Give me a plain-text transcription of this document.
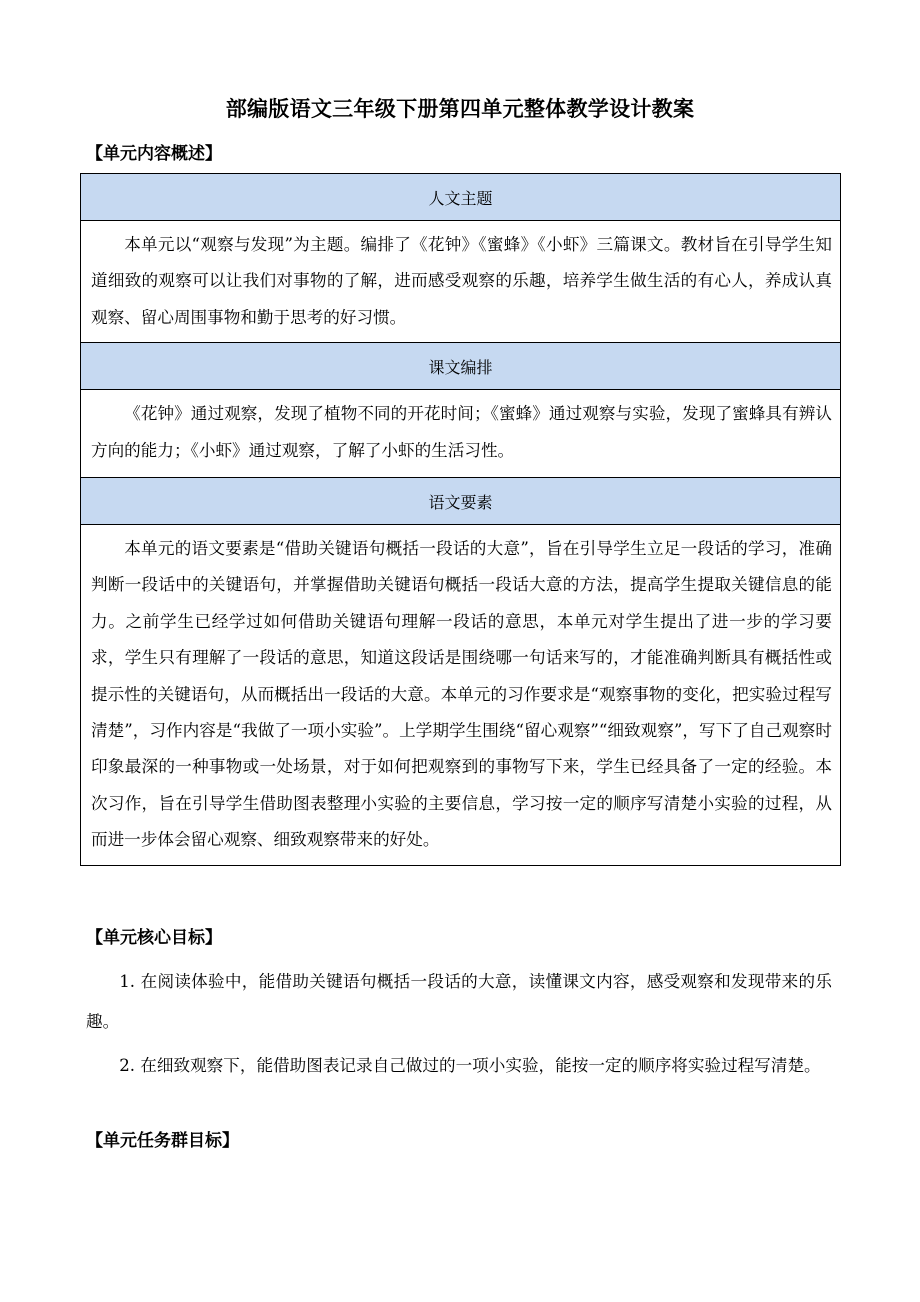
部编版语文三年级下册第四单元整体教学设计教案
【单元内容概述】
人文主题

本单元以“观察与发现”为主题。编排了《花钟》《蜜蜂》《小虾》三篇课文。教材旨在引导学生知道细致的观察可以让我们对事物的了解，进而感受观察的乐趣，培养学生做生活的有心人，养成认真观察、留心周围事物和勤于思考的好习惯。

课文编排

《花钟》通过观察，发现了植物不同的开花时间；《蜜蜂》通过观察与实验，发现了蜜蜂具有辨认方向的能力；《小虾》通过观察，了解了小虾的生活习性。

语文要素

本单元的语文要素是“借助关键语句概括一段话的大意”，旨在引导学生立足一段话的学习，准确判断一段话中的关键语句，并掌握借助关键语句概括一段话大意的方法，提高学生提取关键信息的能力。之前学生已经学过如何借助关键语句理解一段话的意思，本单元对学生提出了进一步的学习要求，学生只有理解了一段话的意思，知道这段话是围绕哪一句话来写的，才能准确判断具有概括性或提示性的关键语句，从而概括出一段话的大意。本单元的习作要求是“观察事物的变化，把实验过程写清楚”，习作内容是“我做了一项小实验”。上学期学生围绕“留心观察”“细致观察”，写下了自己观察时印象最深的一种事物或一处场景，对于如何把观察到的事物写下来，学生已经具备了一定的经验。本次习作，旨在引导学生借助图表整理小实验的主要信息，学习按一定的顺序写清楚小实验的过程，从而进一步体会留心观察、细致观察带来的好处。

【单元核心目标】

1. 在阅读体验中，能借助关键语句概括一段话的大意，读懂课文内容，感受观察和发现带来的乐趣。

2. 在细致观察下，能借助图表记录自己做过的一项小实验，能按一定的顺序将实验过程写清楚。

【单元任务群目标】
